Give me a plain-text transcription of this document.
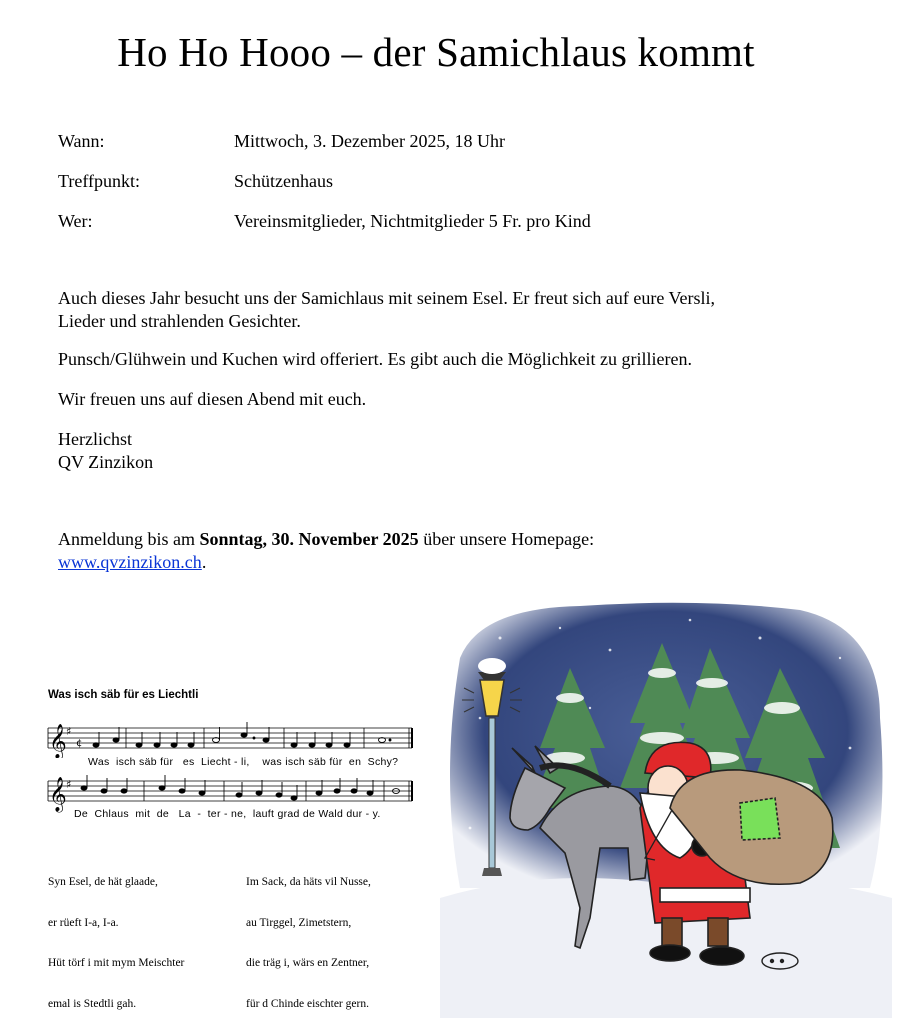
Ho Ho Hooo – der Samichlaus kommt
Wann:	Mittwoch, 3. Dezember 2025, 18 Uhr
Treffpunkt:	Schützenhaus
Wer:	Vereinsmitglieder, Nichtmitglieder 5 Fr. pro Kind

Auch dieses Jahr besucht uns der Samichlaus mit seinem Esel. Er freut sich auf eure Versli,
Lieder und strahlenden Gesichter.

Punsch/Glühwein und Kuchen wird offeriert. Es gibt auch die Möglichkeit zu grillieren.

Wir freuen uns auf diesen Abend mit euch.

Herzlichst
QV Zinzikon

Anmeldung bis am Sonntag, 30. November 2025 über unsere Homepage:
www.qvzinzikon.ch.

Was isch säb für es Liechtli
𝄞 ♯
¢
Was  isch säb für   es  Liecht - li,    was isch säb für  en  Schy?
𝄞 ♯
De  Chlaus  mit  de   La  -  ter - ne,  lauft grad de Wald dur - y.

Syn Esel, de hät glaade,

er rüeft I-a, I-a.

Hüt törf i mit mym Meischter

emal is Stedtli gah.

Im Sack, da häts vil Nusse,

au Tirggel, Zimetstern,

die träg i, wärs en Zentner,

für d Chinde eischter gern.
